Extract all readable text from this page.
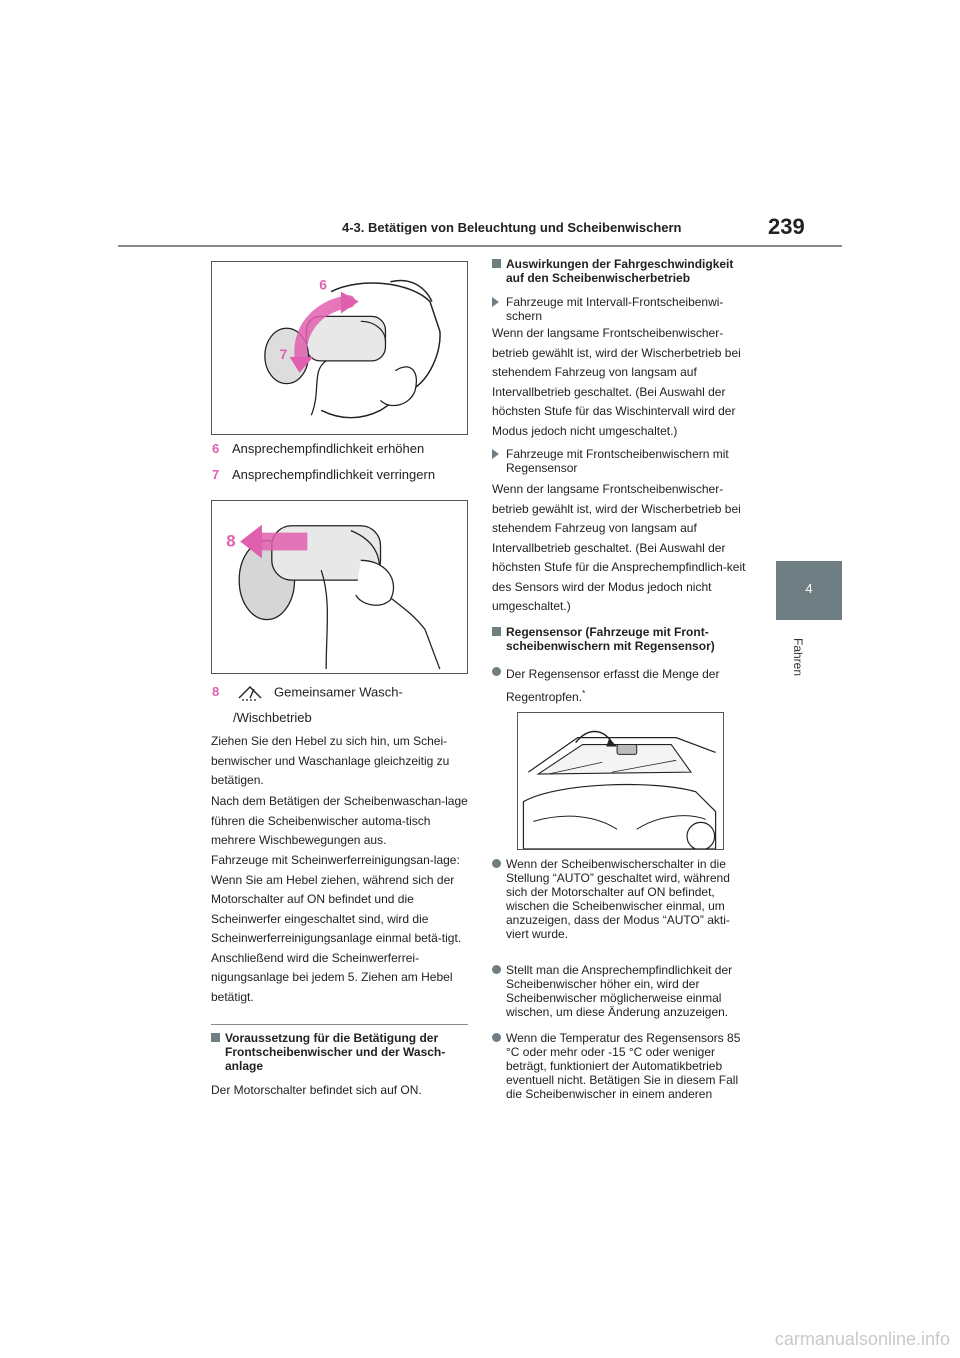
4-3. Betätigen von Beleuchtung und Scheibenwischern	239
4
Fahren
6
7
6 Ansprechempfindlichkeit erhöhen
7 Ansprechempfindlichkeit verringern
8
8	Gemeinsamer Wasch-
/Wischbetrieb
Ziehen Sie den Hebel zu sich hin, um Schei-benwischer und Waschanlage gleichzeitig zu betätigen.
Nach dem Betätigen der Scheibenwaschan-lage führen die Scheibenwischer automa-tisch mehrere Wischbewegungen aus.
Fahrzeuge mit Scheinwerferreinigungsan-lage: Wenn Sie am Hebel ziehen, während sich der Motorschalter auf ON befindet und die Scheinwerfer eingeschaltet sind, wird die Scheinwerferreinigungsanlage einmal betä-tigt. Anschließend wird die Scheinwerferrei-nigungsanlage bei jedem 5. Ziehen am Hebel betätigt.
Voraussetzung für die Betätigung der Frontscheibenwischer und der Wasch-anlage
Der Motorschalter befindet sich auf ON.
Auswirkungen der Fahrgeschwindigkeit auf den Scheibenwischerbetrieb
Fahrzeuge mit Intervall-Frontscheibenwi-schern
Wenn der langsame Frontscheibenwischer-betrieb gewählt ist, wird der Wischerbetrieb bei stehendem Fahrzeug von langsam auf Intervallbetrieb geschaltet. (Bei Auswahl der höchsten Stufe für das Wischintervall wird der Modus jedoch nicht umgeschaltet.)
Fahrzeuge mit Frontscheibenwischern mit Regensensor
Wenn der langsame Frontscheibenwischer-betrieb gewählt ist, wird der Wischerbetrieb bei stehendem Fahrzeug von langsam auf Intervallbetrieb geschaltet. (Bei Auswahl der höchsten Stufe für die Ansprechempfindlich-keit des Sensors wird der Modus jedoch nicht umgeschaltet.)
Regensensor (Fahrzeuge mit Front-scheibenwischern mit Regensensor)
Der Regensensor erfasst die Menge der Regentropfen.*
Wenn der Scheibenwischerschalter in die Stellung “AUTO” geschaltet wird, während sich der Motorschalter auf ON befindet, wischen die Scheibenwischer einmal, um anzuzeigen, dass der Modus “AUTO” akti-viert wurde.
Stellt man die Ansprechempfindlichkeit der Scheibenwischer höher ein, wird der Scheibenwischer möglicherweise einmal wischen, um diese Änderung anzuzeigen.
Wenn die Temperatur des Regensensors 85 °C oder mehr oder -15 °C oder weniger beträgt, funktioniert der Automatikbetrieb eventuell nicht. Betätigen Sie in diesem Fall die Scheibenwischer in einem anderen
carmanualsonline.info
